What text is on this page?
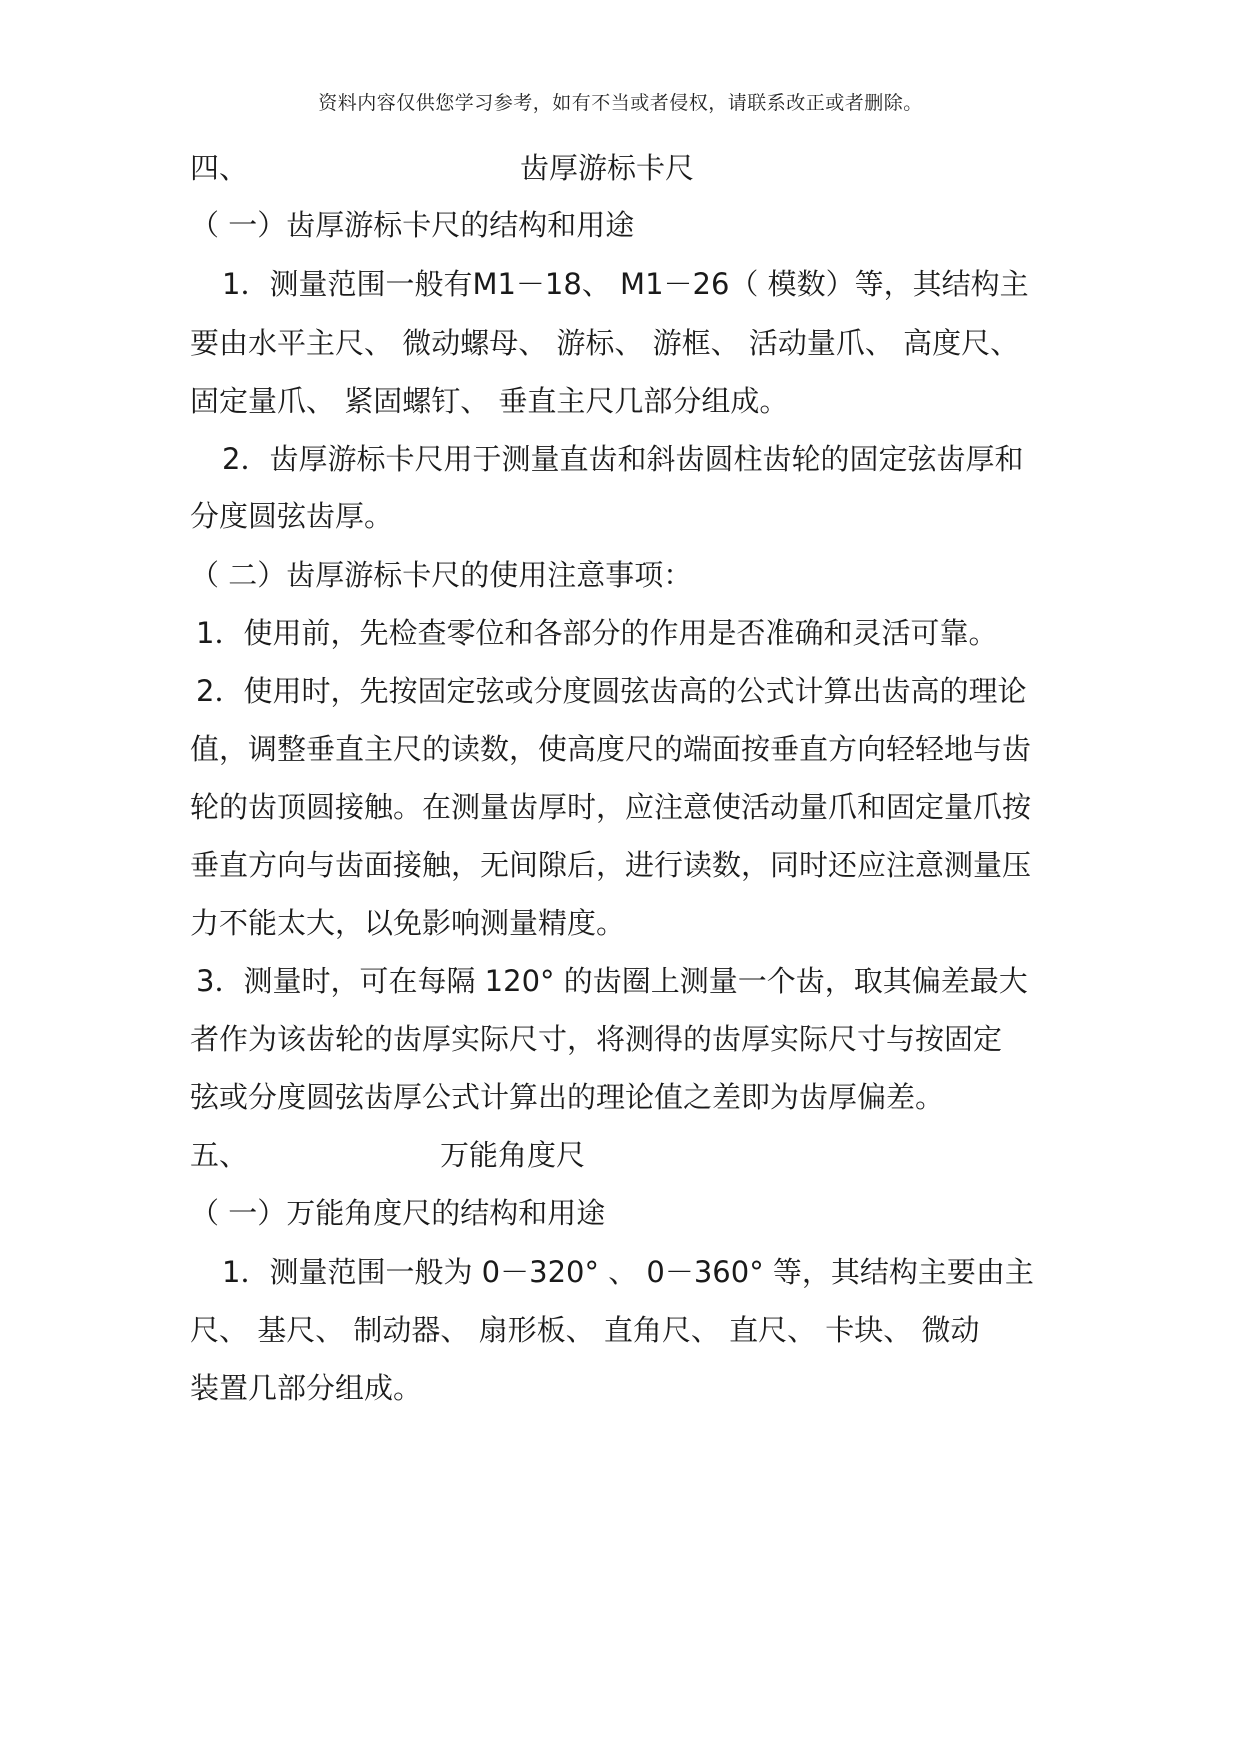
资料内容仅供您学习参考，如有不当或者侵权，请联系改正或者删除。
四、	齿厚游标卡尺
（ 一）齿厚游标卡尺的结构和用途
1．测量范围一般有M1－18、 M1－26（ 模数）等，其结构主
要由水平主尺、 微动螺母、 游标、 游框、 活动量爪、 高度尺、
固定量爪、 紧固螺钉、 垂直主尺几部分组成。
2．齿厚游标卡尺用于测量直齿和斜齿圆柱齿轮的固定弦齿厚和
分度圆弦齿厚。
（ 二）齿厚游标卡尺的使用注意事项：
1．使用前，先检查零位和各部分的作用是否准确和灵活可靠。
2．使用时，先按固定弦或分度圆弦齿高的公式计算出齿高的理论
值，调整垂直主尺的读数，使高度尺的端面按垂直方向轻轻地与齿
轮的齿顶圆接触。在测量齿厚时，应注意使活动量爪和固定量爪按
垂直方向与齿面接触，无间隙后，进行读数，同时还应注意测量压
力不能太大，以免影响测量精度。
3．测量时，可在每隔 120° 的齿圈上测量一个齿，取其偏差最大
者作为该齿轮的齿厚实际尺寸，将测得的齿厚实际尺寸与按固定
弦或分度圆弦齿厚公式计算出的理论值之差即为齿厚偏差。
五、	万能角度尺
（ 一）万能角度尺的结构和用途
1．测量范围一般为 0－320° 、 0－360° 等，其结构主要由主
尺、 基尺、 制动器、 扇形板、 直角尺、 直尺、 卡块、 微动
装置几部分组成。
